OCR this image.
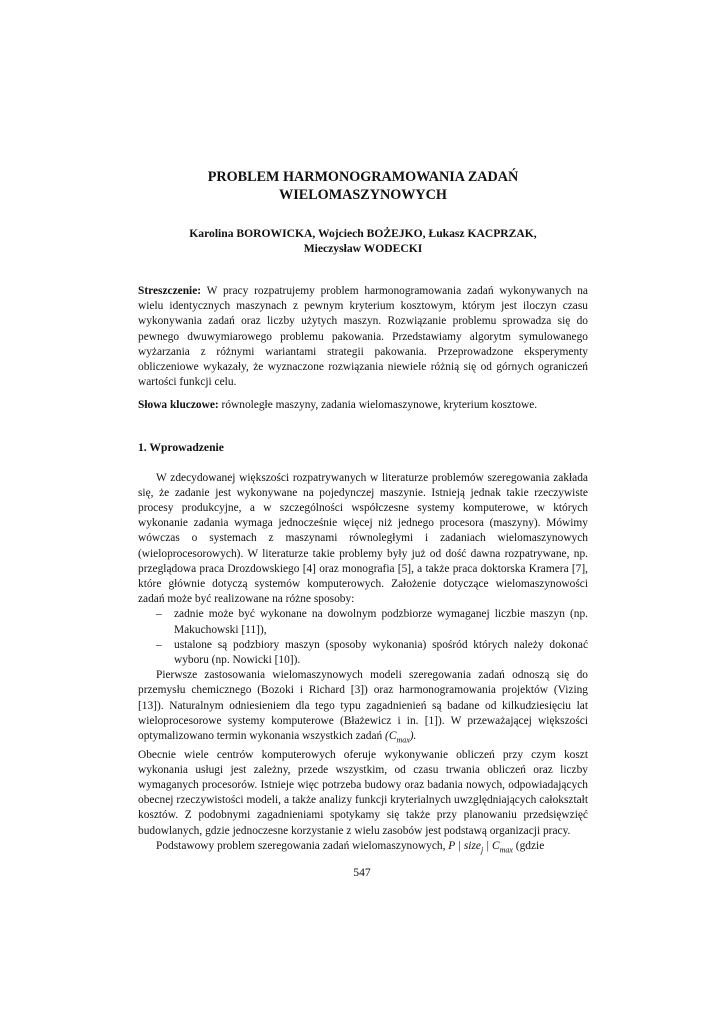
PROBLEM HARMONOGRAMOWANIA ZADAŃ
WIELOMASZYNOWYCH
Karolina BOROWICKA, Wojciech BOŻEJKO, Łukasz KACPRZAK,
Mieczysław WODECKI

Streszczenie: W pracy rozpatrujemy problem harmonogramowania zadań wykonywanych na wielu identycznych maszynach z pewnym kryterium kosztowym, którym jest iloczyn czasu wykonywania zadań oraz liczby użytych maszyn. Rozwiązanie problemu sprowadza się do pewnego dwuwymiarowego problemu pakowania. Przedstawiamy algorytm symulowanego wyżarzania z różnymi wariantami strategii pakowania. Przeprowadzone eksperymenty obliczeniowe wykazały, że wyznaczone rozwiązania niewiele różnią się od górnych ograniczeń wartości funkcji celu.

Słowa kluczowe: równoległe maszyny, zadania wielomaszynowe, kryterium kosztowe.

1. Wprowadzenie

W zdecydowanej większości rozpatrywanych w literaturze problemów szeregowania zakłada się, że zadanie jest wykonywane na pojedynczej maszynie. Istnieją jednak takie rzeczywiste procesy produkcyjne, a w szczególności współczesne systemy komputerowe, w których wykonanie zadania wymaga jednocześnie więcej niż jednego procesora (maszyny). Mówimy wówczas o systemach z maszynami równoległymi i zadaniach wielomaszynowych (wieloprocesorowych). W literaturze takie problemy były już od dość dawna rozpatrywane, np. przeglądowa praca Drozdowskiego [4] oraz monografia [5], a także praca doktorska Kramera [7], które głównie dotyczą systemów komputerowych. Założenie dotyczące wielomaszynowości zadań może być realizowane na różne sposoby:

– zadnie może być wykonane na dowolnym podzbiorze wymaganej liczbie maszyn (np. Makuchowski [11]),
– ustalone są podzbiory maszyn (sposoby wykonania) spośród których należy dokonać wyboru (np. Nowicki [10]).

Pierwsze zastosowania wielomaszynowych modeli szeregowania zadań odnoszą się do przemysłu chemicznego (Bozoki i Richard [3]) oraz harmonogramowania projektów (Vizing [13]). Naturalnym odniesieniem dla tego typu zagadnienień są badane od kilkudziesięciu lat wieloprocesorowe systemy komputerowe (Błażewicz i in. [1]). W przeważającej większości optymalizowano termin wykonania wszystkich zadań $(C_{max})$.

Obecnie wiele centrów komputerowych oferuje wykonywanie obliczeń przy czym koszt wykonania usługi jest zależny, przede wszystkim, od czasu trwania obliczeń oraz liczby wymaganych procesorów. Istnieje więc potrzeba budowy oraz badania nowych, odpowiadających obecnej rzeczywistości modeli, a także analizy funkcji kryterialnych uwzględniających całokształt kosztów. Z podobnymi zagadnieniami spotykamy się także przy planowaniu przedsięwzięć budowlanych, gdzie jednoczesne korzystanie z wielu zasobów jest podstawą organizacji pracy.

Podstawowy problem szeregowania zadań wielomaszynowych, P | size$_j$ | $C_{max}$ (gdzie

547
